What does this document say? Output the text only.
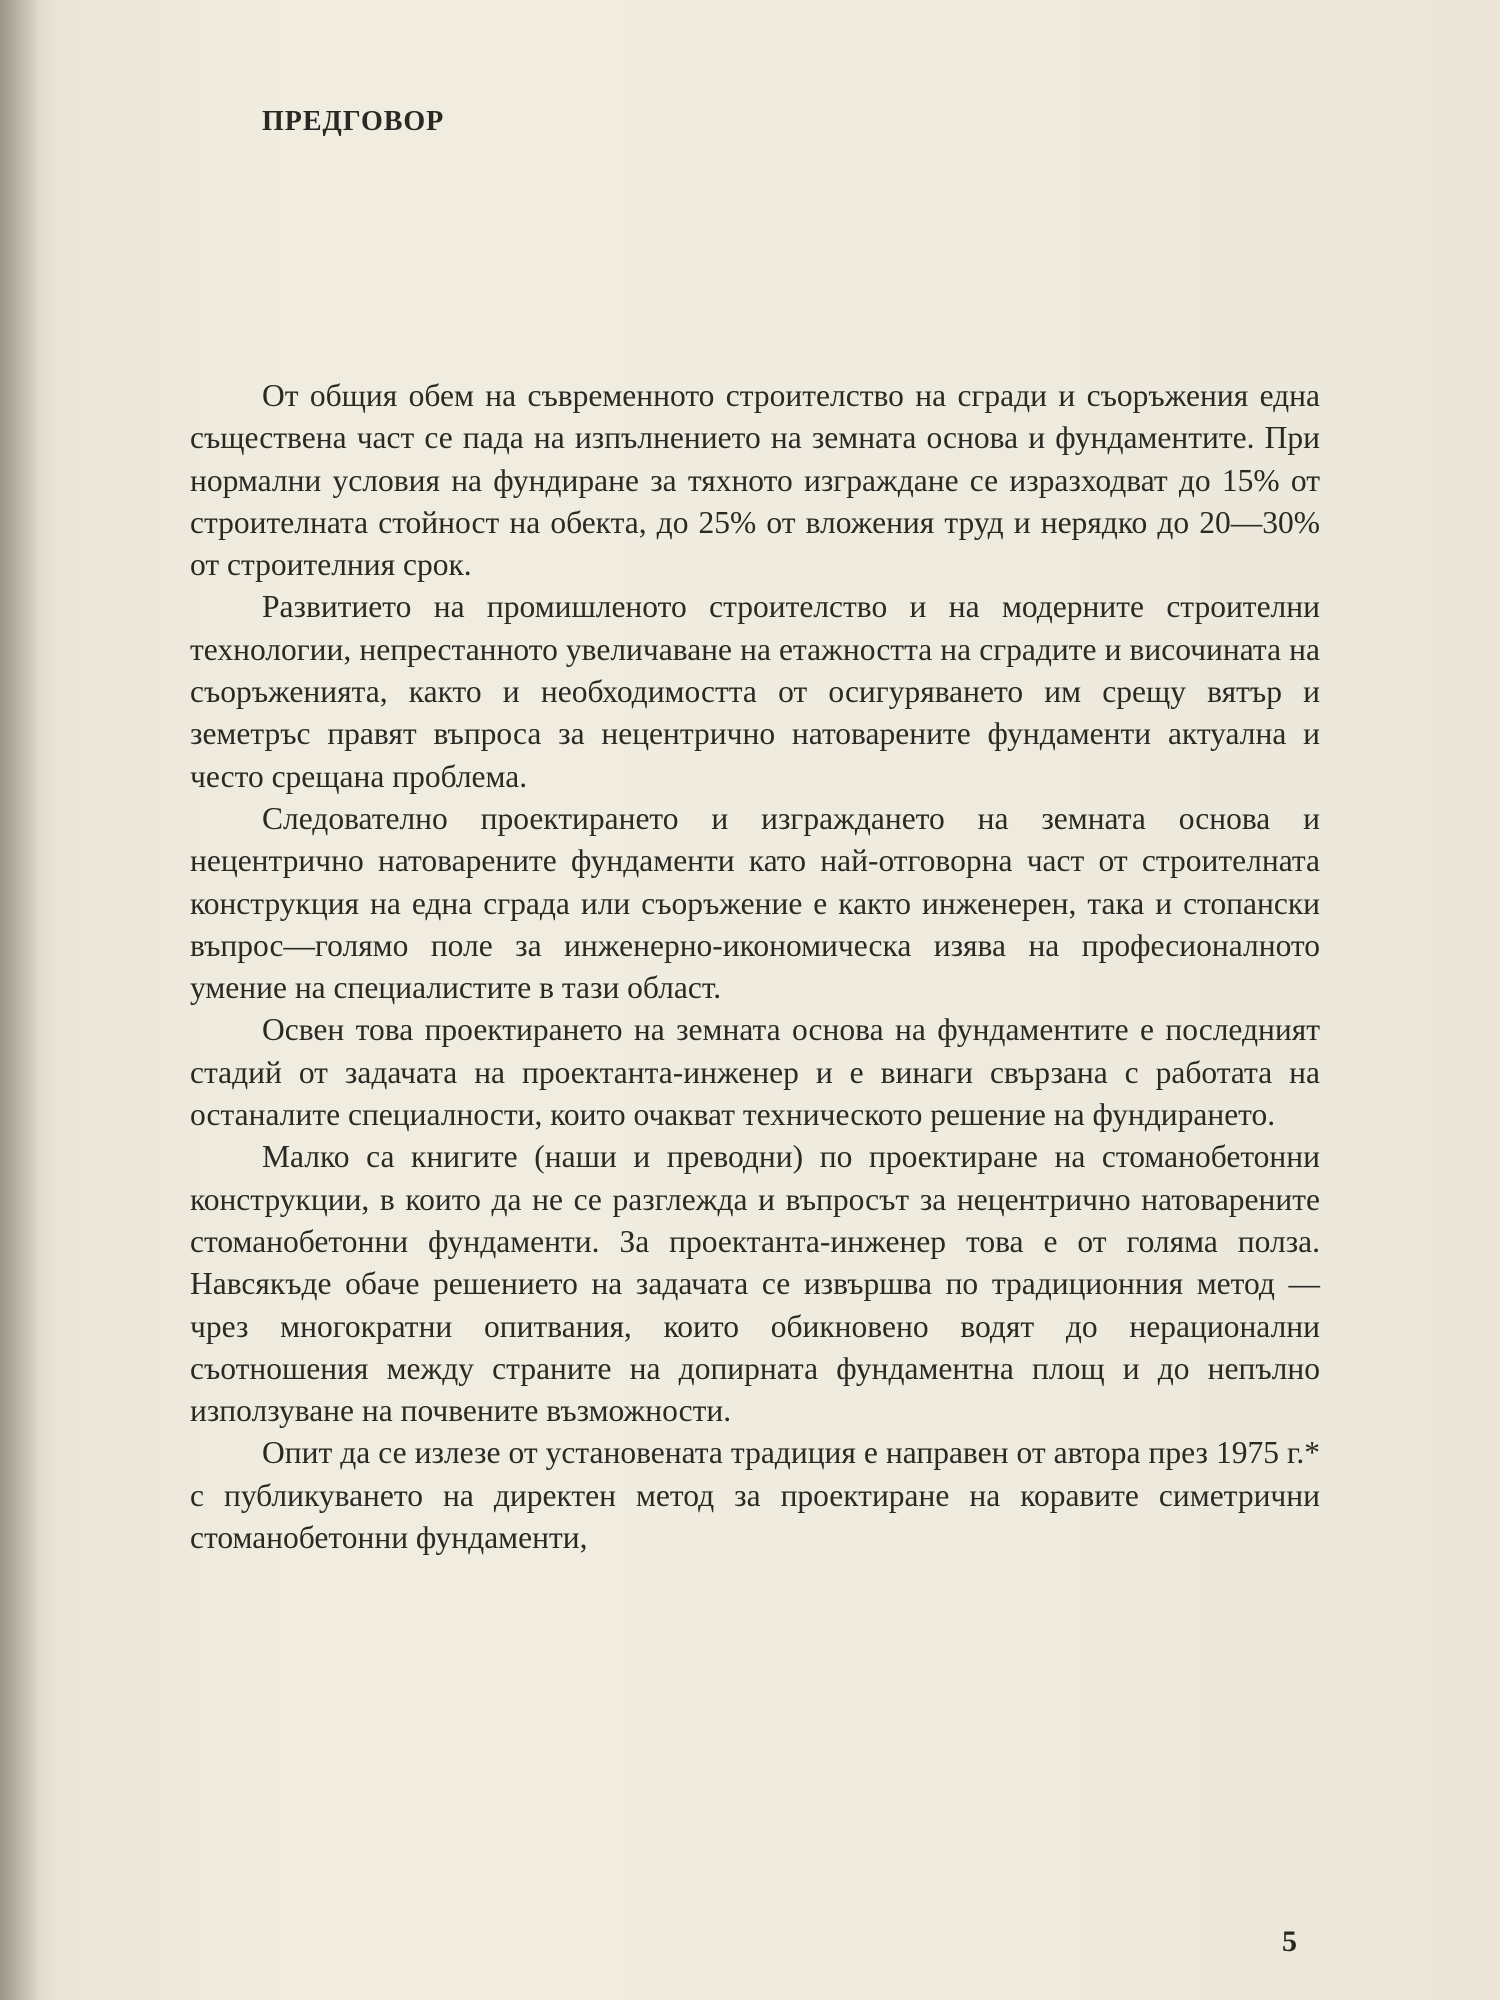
ПРЕДГОВОР

От общия обем на съвременното строителство на сгради и съоръжения една съществена част се пада на изпълнението на земната основа и фундаментите. При нормални условия на фундиране за тяхното изграждане се изразходват до 15% от строителната стойност на обекта, до 25% от вложения труд и нерядко до 20—30% от строителния срок.

Развитието на промишленото строителство и на модерните строителни технологии, непрестанното увеличаване на етажността на сградите и височината на съоръженията, както и необходимостта от осигуряването им срещу вятър и земетръс правят въпроса за нецентрично натоварените фундаменти актуална и често срещана проблема.

Следователно проектирането и изграждането на земната основа и нецентрично натоварените фундаменти като най-отговорна част от строителната конструкция на една сграда или съоръжение е както инженерен, така и стопански въпрос—голямо поле за инженерно-икономическа изява на професионалното умение на специалистите в тази област.

Освен това проектирането на земната основа на фундаментите е последният стадий от задачата на проектанта-инженер и е винаги свързана с работата на останалите специалности, които очакват техническото решение на фундирането.

Малко са книгите (наши и преводни) по проектиране на стоманобетонни конструкции, в които да не се разглежда и въпросът за нецентрично натоварените стоманобетонни фундаменти. За проектанта-инженер това е от голяма полза. Навсякъде обаче решението на задачата се извършва по традиционния метод — чрез многократни опитвания, които обикновено водят до нерационални съотношения между страните на допирната фундаментна площ и до непълно използуване на почвените възможности.

Опит да се излезе от установената традиция е направен от автора през 1975 г.* с публикуването на директен метод за проектиране на коравите симетрични стоманобетонни фундаменти,

5
